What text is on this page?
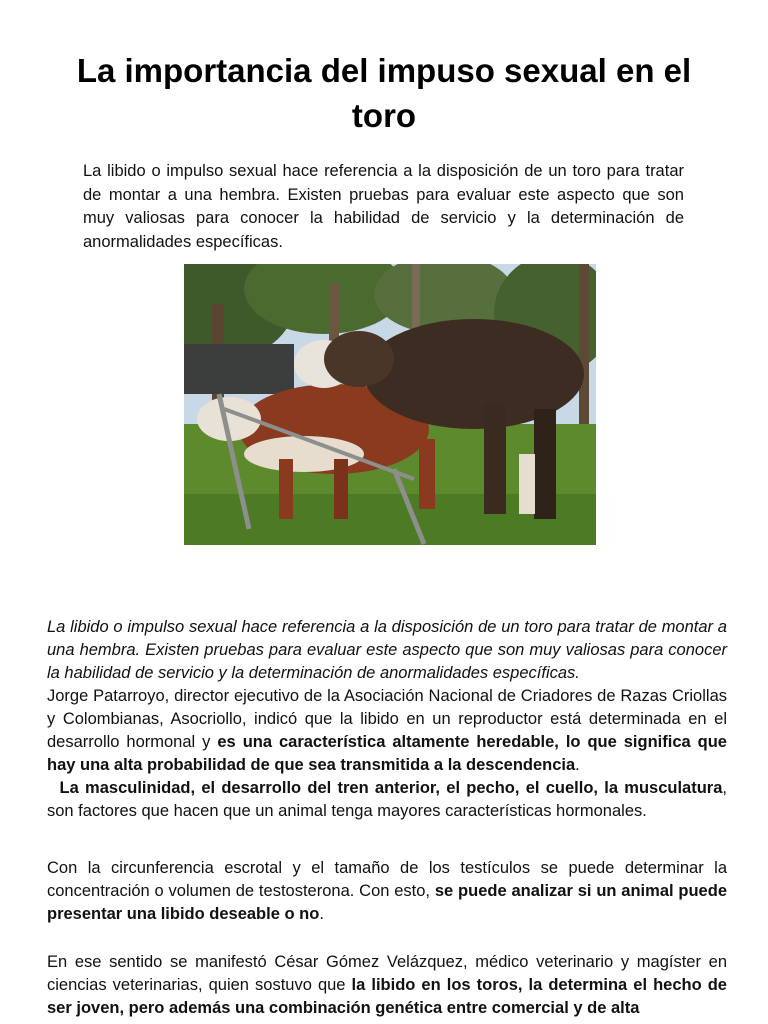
La importancia del impuso sexual en el toro

La libido o impulso sexual hace referencia a la disposición de un toro para tratar de montar a una hembra. Existen pruebas para evaluar este aspecto que son muy valiosas para conocer la habilidad de servicio y la determinación de anormalidades específicas.

La libido o impulso sexual hace referencia a la disposición de un toro para tratar de montar a una hembra. Existen pruebas para evaluar este aspecto que son muy valiosas para conocer la habilidad de servicio y la determinación de anormalidades específicas.
Jorge Patarroyo, director ejecutivo de la Asociación Nacional de Criadores de Razas Criollas y Colombianas, Asocriollo, indicó que la libido en un reproductor está determinada en el desarrollo hormonal y es una característica altamente heredable, lo que significa que hay una alta probabilidad de que sea transmitida a la descendencia.
La masculinidad, el desarrollo del tren anterior, el pecho, el cuello, la musculatura, son factores que hacen que un animal tenga mayores características hormonales.

Con la circunferencia escrotal y el tamaño de los testículos se puede determinar la concentración o volumen de testosterona. Con esto, se puede analizar si un animal puede presentar una libido deseable o no.

En ese sentido se manifestó César Gómez Velázquez, médico veterinario y magíster en ciencias veterinarias, quien sostuvo que la libido en los toros, la determina el hecho de ser joven, pero además una combinación genética entre comercial y de alta
